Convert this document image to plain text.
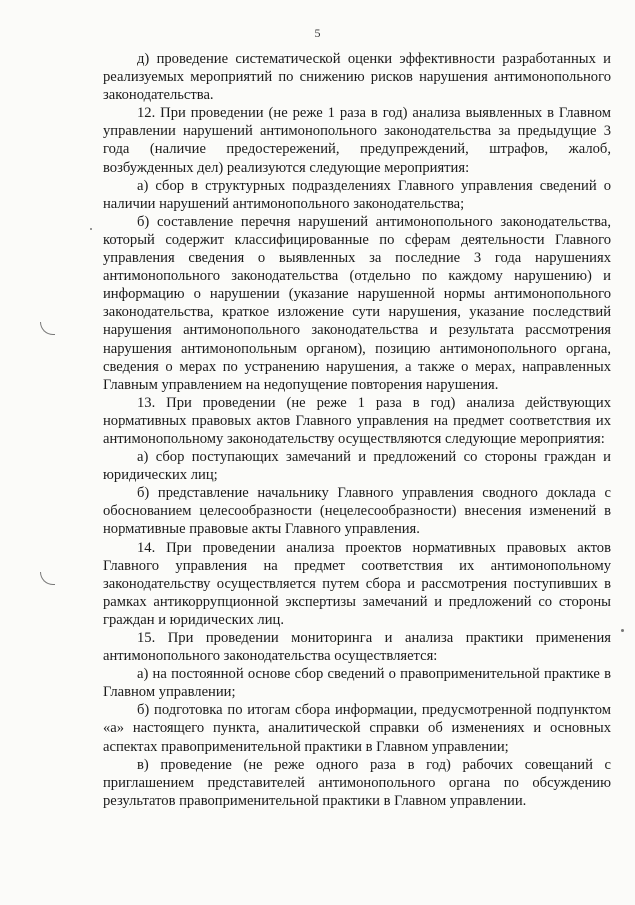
5

д) проведение систематической оценки эффективности разработанных и реализуемых мероприятий по снижению рисков нарушения антимонопольного законодательства.

12. При проведении (не реже 1 раза в год) анализа выявленных в Главном управлении нарушений антимонопольного законодательства за предыдущие 3 года (наличие предостережений, предупреждений, штрафов, жалоб, возбужденных дел) реализуются следующие мероприятия:

а) сбор в структурных подразделениях Главного управления сведений о наличии нарушений антимонопольного законодательства;

б) составление перечня нарушений антимонопольного законодательства, который содержит классифицированные по сферам деятельности Главного управления сведения о выявленных за последние 3 года нарушениях антимонопольного законодательства (отдельно по каждому нарушению) и информацию о нарушении (указание нарушенной нормы антимонопольного законодательства, краткое изложение сути нарушения, указание последствий нарушения антимонопольного законодательства и результата рассмотрения нарушения антимонопольным органом), позицию антимонопольного органа, сведения о мерах по устранению нарушения, а также о мерах, направленных Главным управлением на недопущение повторения нарушения.

13. При проведении (не реже 1 раза в год) анализа действующих нормативных правовых актов Главного управления на предмет соответствия их антимонопольному законодательству осуществляются следующие мероприятия:

а) сбор поступающих замечаний и предложений со стороны граждан и юридических лиц;

б) представление начальнику Главного управления сводного доклада с обоснованием целесообразности (нецелесообразности) внесения изменений в нормативные правовые акты Главного управления.

14. При проведении анализа проектов нормативных правовых актов Главного управления на предмет соответствия их антимонопольному законодательству осуществляется путем сбора и рассмотрения поступивших в рамках антикоррупционной экспертизы замечаний и предложений со стороны граждан и юридических лиц.

15. При проведении мониторинга и анализа практики применения антимонопольного законодательства осуществляется:

а) на постоянной основе сбор сведений о правоприменительной практике в Главном управлении;

б) подготовка по итогам сбора информации, предусмотренной подпунктом «а» настоящего пункта, аналитической справки об изменениях и основных аспектах правоприменительной практики в Главном управлении;

в) проведение (не реже одного раза в год) рабочих совещаний с приглашением представителей антимонопольного органа по обсуждению результатов правоприменительной практики в Главном управлении.
